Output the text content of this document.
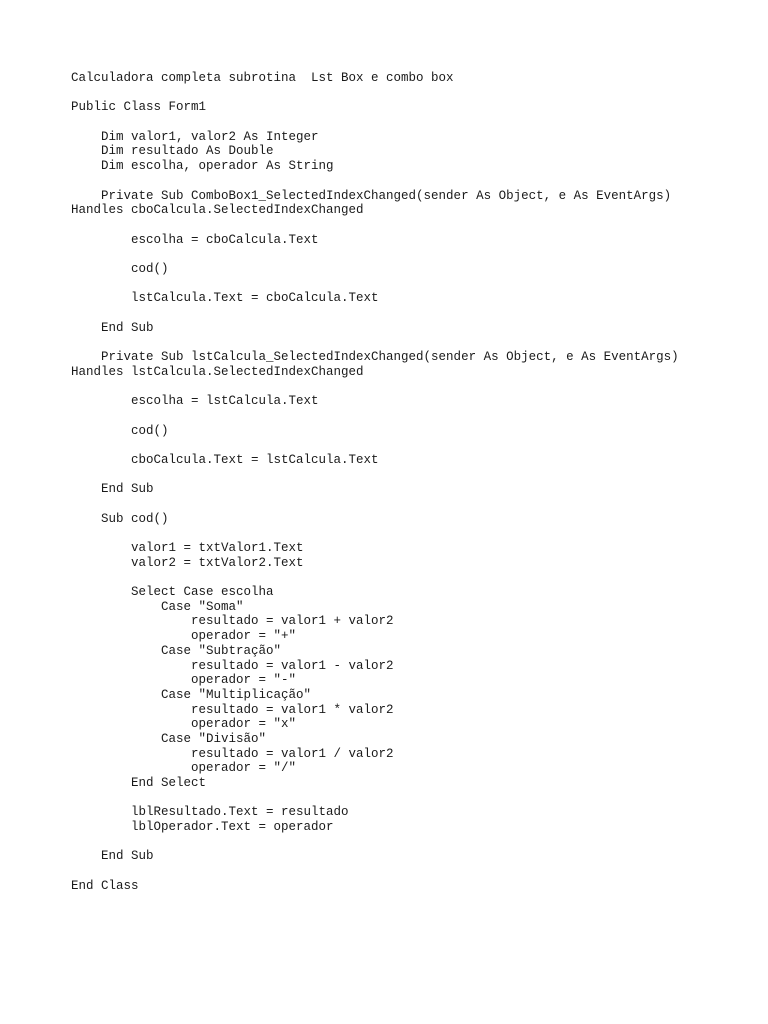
Calculadora completa subrotina  Lst Box e combo box
Public Class Form1
Dim valor1, valor2 As Integer
Dim resultado As Double
Dim escolha, operador As String
Private Sub ComboBox1_SelectedIndexChanged(sender As Object, e As EventArgs)
Handles cboCalcula.SelectedIndexChanged
escolha = cboCalcula.Text
cod()
lstCalcula.Text = cboCalcula.Text
End Sub
Private Sub lstCalcula_SelectedIndexChanged(sender As Object, e As EventArgs)
Handles lstCalcula.SelectedIndexChanged
escolha = lstCalcula.Text
cod()
cboCalcula.Text = lstCalcula.Text
End Sub
Sub cod()
valor1 = txtValor1.Text
valor2 = txtValor2.Text
Select Case escolha
Case "Soma"
resultado = valor1 + valor2
operador = "+"
Case "Subtração"
resultado = valor1 - valor2
operador = "-"
Case "Multiplicação"
resultado = valor1 * valor2
operador = "x"
Case "Divisão"
resultado = valor1 / valor2
operador = "/"
End Select
lblResultado.Text = resultado
lblOperador.Text = operador
End Sub
End Class
